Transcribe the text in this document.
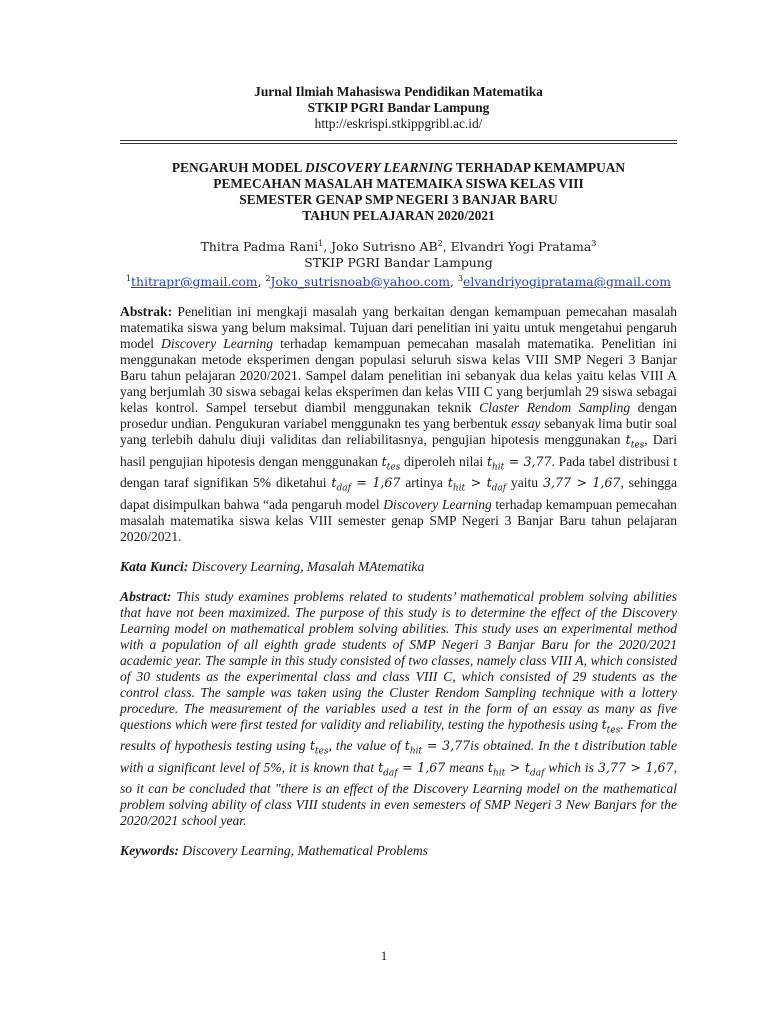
Jurnal Ilmiah Mahasiswa Pendidikan Matematika
STKIP PGRI Bandar Lampung
http://eskrispi.stkippgribl.ac.id/
PENGARUH MODEL DISCOVERY LEARNING TERHADAP KEMAMPUAN
PEMECAHAN MASALAH MATEMAIKA SISWA KELAS VIII
SEMESTER GENAP SMP NEGERI 3 BANJAR BARU
TAHUN PELAJARAN 2020/2021
Thitra Padma Rani$^1$, Joko Sutrisno $AB^2$, Elvandri Yogi Pratama$^3$
STKIP PGRI Bandar Lampung
$^1$thitrapr@gmail.com, $^2$Joko_sutrisnoab@yahoo.com, $^3$elvandriyogipratama@gmail.com
Abstrak: Penelitian ini mengkaji masalah yang berkaitan dengan kemampuan pemecahan masalah matematika siswa yang belum maksimal. Tujuan dari penelitian ini yaitu untuk mengetahui pengaruh model Discovery Learning terhadap kemampuan pemecahan masalah matematika. Penelitian ini menggunakan metode eksperimen dengan populasi seluruh siswa kelas VIII SMP Negeri 3 Banjar Baru tahun pelajaran 2020/2021. Sampel dalam penelitian ini sebanyak dua kelas yaitu kelas VIII A yang berjumlah 30 siswa sebagai kelas eksperimen dan kelas VIII C yang berjumlah 29 siswa sebagai kelas kontrol. Sampel tersebut diambil menggunakan teknik Claster Rendom Sampling dengan prosedur undian. Pengukuran variabel menggunakn tes yang berbentuk essay sebanyak lima butir soal yang terlebih dahulu diuji validitas dan reliabilitasnya, pengujian hipotesis menggunakan $t_{tes}$, Dari hasil pengujian hipotesis dengan menggunakan $t_{tes}$ diperoleh nilai $t_{hit} = 3,77$. Pada tabel distribusi t dengan taraf signifikan 5% diketahui $t_{daf} = 1,67$ artinya $t_{hit} > t_{daf}$ yaitu 3,77 > 1,67, sehingga dapat disimpulkan bahwa “ada pengaruh model Discovery Learning terhadap kemampuan pemecahan masalah matematika siswa kelas VIII semester genap SMP Negeri 3 Banjar Baru tahun pelajaran 2020/2021.
Kata Kunci: Discovery Learning, Masalah MAtematika
Abstract: This study examines problems related to students’ mathematical problem solving abilities that have not been maximized. The purpose of this study is to determine the effect of the Discovery Learning model on mathematical problem solving abilities. This study uses an experimental method with a population of all eighth grade students of SMP Negeri 3 Banjar Baru for the 2020/2021 academic year. The sample in this study consisted of two classes, namely class VIII A, which consisted of 30 students as the experimental class and class VIII C, which consisted of 29 students as the control class. The sample was taken using the Cluster Rendom Sampling technique with a lottery procedure. The measurement of the variables used a test in the form of an essay as many as five questions which were first tested for validity and reliability, testing the hypothesis using $t_{tes}$. From the results of hypothesis testing using $t_{tes}$, the value of $t_{hit} = 3,77is$ obtained. In the t distribution table with a significant level of 5%, it is known that $t_{daf} = 1,67$ means $t_{hit} > t_{daf}$ which is 3,77 > 1,67, so it can be concluded that "there is an effect of the Discovery Learning model on the mathematical problem solving ability of class VIII students in even semesters of SMP Negeri 3 New Banjars for the 2020/2021 school year.
Keywords: Discovery Learning, Mathematical Problems
1
